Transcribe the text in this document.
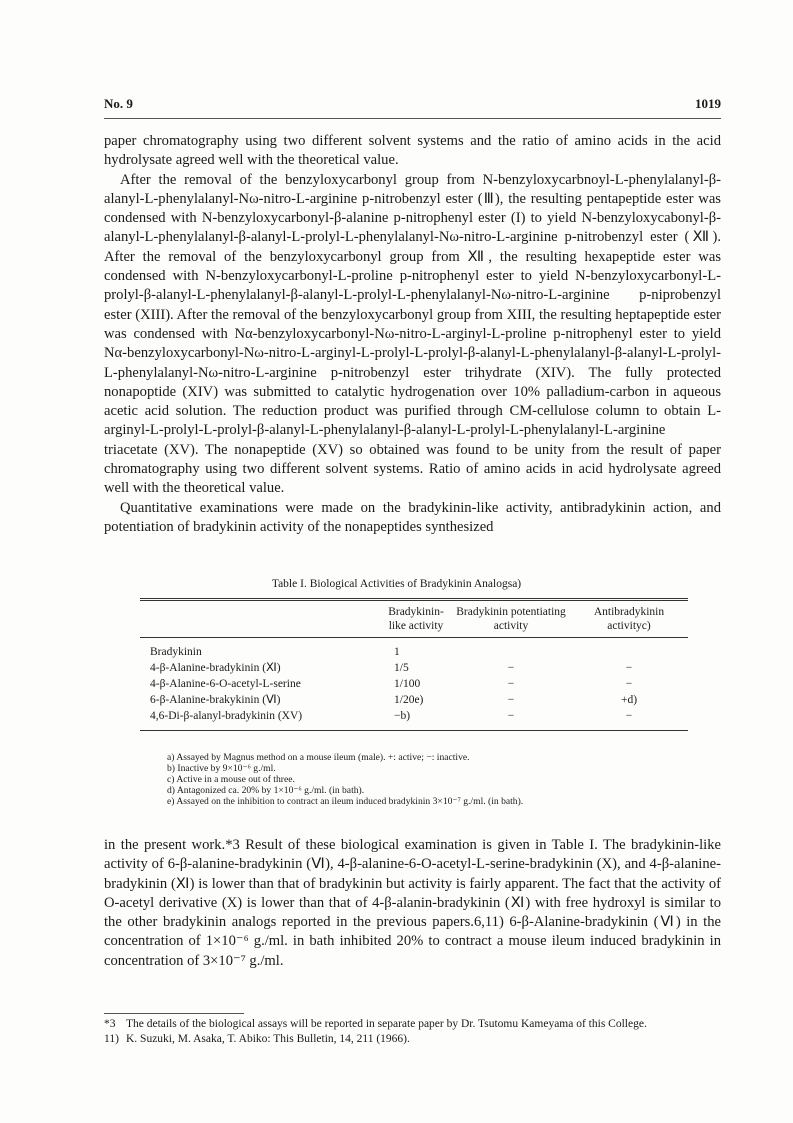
No. 9	1019

paper chromatography using two different solvent systems and the ratio of amino acids in the acid hydrolysate agreed well with the theoretical value.

After the removal of the benzyloxycarbonyl group from N-benzyloxycarbnoyl-L-phenylalanyl-β-alanyl-L-phenylalanyl-Nω-nitro-L-arginine p-nitrobenzyl ester (Ⅲ), the resulting pentapeptide ester was condensed with N-benzyloxycarbonyl-β-alanine p-nitrophenyl ester (I) to yield N-benzyloxycabonyl-β-alanyl-L-phenylalanyl-β-alanyl-L-prolyl-L-phenylalanyl-Nω-nitro-L-arginine p-nitrobenzyl ester (Ⅻ). After the removal of the benzyloxycarbonyl group from Ⅻ, the resulting hexapeptide ester was condensed with N-benzyloxycarbonyl-L-proline p-nitrophenyl ester to yield N-benzyloxycarbonyl-L-prolyl-β-alanyl-L-phenylalanyl-β-alanyl-L-prolyl-L-phenylalanyl-Nω-nitro-L-arginine p-niprobenzyl ester (XIII). After the removal of the benzyloxycarbonyl group from XIII, the resulting heptapeptide ester was condensed with Nα-benzyloxycarbonyl-Nω-nitro-L-arginyl-L-proline p-nitrophenyl ester to yield Nα-benzyloxycarbonyl-Nω-nitro-L-arginyl-L-prolyl-L-prolyl-β-alanyl-L-phenylalanyl-β-alanyl-L-prolyl-L-phenylalanyl-Nω-nitro-L-arginine p-nitrobenzyl ester trihydrate (XIV). The fully protected nonapoptide (XIV) was submitted to catalytic hydrogenation over 10% palladium-carbon in aqueous acetic acid solution. The reduction product was purified through CM-cellulose column to obtain L-arginyl-L-prolyl-L-prolyl-β-alanyl-L-phenylalanyl-β-alanyl-L-prolyl-L-phenylalanyl-L-arginine triacetate (XV). The nonapeptide (XV) so obtained was found to be unity from the result of paper chromatography using two different solvent systems. Ratio of amino acids in acid hydrolysate agreed well with the theoretical value.

Quantitative examinations were made on the bradykinin-like activity, antibradykinin action, and potentiation of bradykinin activity of the nonapeptides synthesized

Table I. Biological Activities of Bradykinin Analogsa)
	Bradykinin-like activity	Bradykinin potentiating activity	Antibradykinin activityc)
Bradykinin	1		
4-β-Alanine-bradykinin (Ⅺ)	1/5	−	−
4-β-Alanine-6-O-acetyl-L-serine	1/100	−	−
6-β-Alanine-brakykinin (Ⅵ)	1/20e)	−	+d)
4,6-Di-β-alanyl-bradykinin (XV)	−b)	−	−
a) Assayed by Magnus method on a mouse ileum (male). +: active; −: inactive.
b) Inactive by 9×10⁻⁶ g./ml.
c) Active in a mouse out of three.
d) Antagonized ca. 20% by 1×10⁻⁶ g./ml. (in bath).
e) Assayed on the inhibition to contract an ileum induced bradykinin 3×10⁻⁷ g./ml. (in bath).

in the present work.*3 Result of these biological examination is given in Table I. The bradykinin-like activity of 6-β-alanine-bradykinin (Ⅵ), 4-β-alanine-6-O-acetyl-L-serine-bradykinin (X), and 4-β-alanine-bradykinin (Ⅺ) is lower than that of bradykinin but activity is fairly apparent. The fact that the activity of O-acetyl derivative (X) is lower than that of 4-β-alanin-bradykinin (Ⅺ) with free hydroxyl is similar to the other bradykinin analogs reported in the previous papers.6,11) 6-β-Alanine-bradykinin (Ⅵ) in the concentration of 1×10⁻⁶ g./ml. in bath inhibited 20% to contract a mouse ileum induced bradykinin in concentration of 3×10⁻⁷ g./ml.

*3 The details of the biological assays will be reported in separate paper by Dr. Tsutomu Kameyama of this College.
11) K. Suzuki, M. Asaka, T. Abiko: This Bulletin, 14, 211 (1966).
